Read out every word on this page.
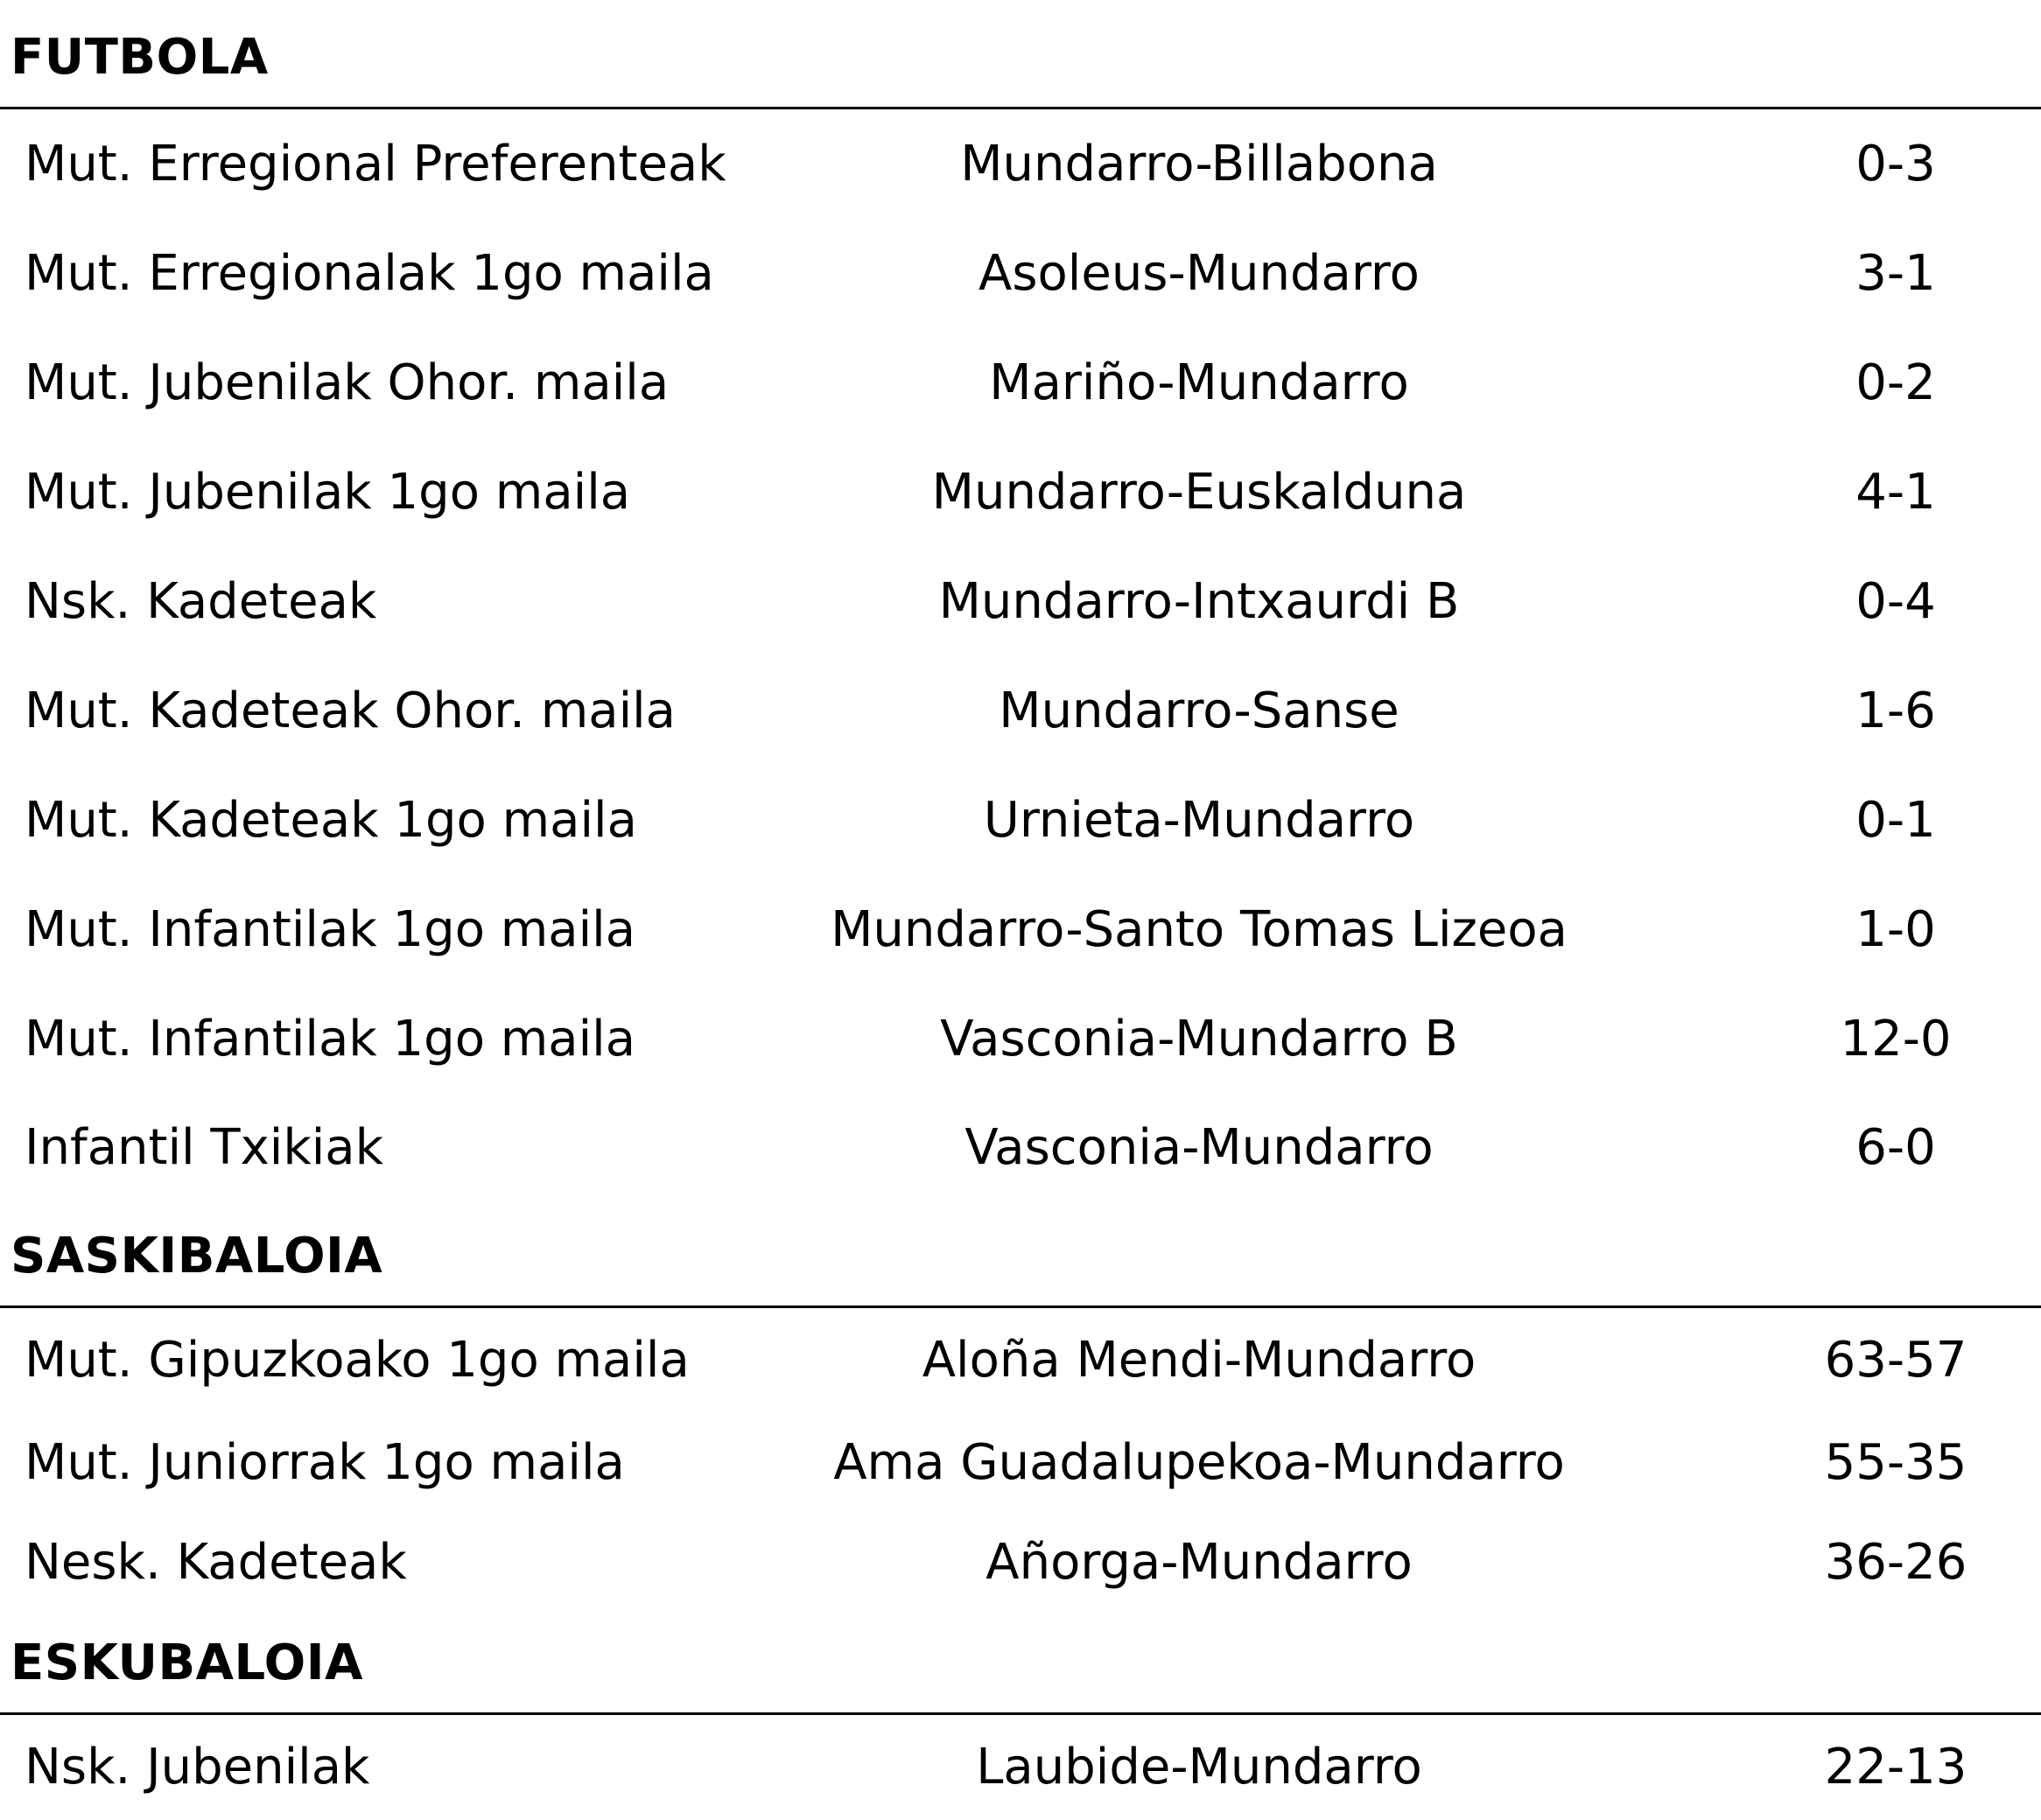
FUTBOLA
Mut. Erregional Preferenteak	Mundarro-Billabona	0-3
Mut. Erregionalak 1go maila	Asoleus-Mundarro	3-1
Mut. Jubenilak Ohor. maila	Mariño-Mundarro	0-2
Mut. Jubenilak 1go maila	Mundarro-Euskalduna	4-1
Nsk. Kadeteak	Mundarro-Intxaurdi B	0-4
Mut. Kadeteak Ohor. maila	Mundarro-Sanse	1-6
Mut. Kadeteak 1go maila	Urnieta-Mundarro	0-1
Mut. Infantilak 1go maila	Mundarro-Santo Tomas Lizeoa	1-0
Mut. Infantilak 1go maila	Vasconia-Mundarro B	12-0
Infantil Txikiak	Vasconia-Mundarro	6-0
SASKIBALOIA
Mut. Gipuzkoako 1go maila	Aloña Mendi-Mundarro	63-57
Mut. Juniorrak 1go maila	Ama Guadalupekoa-Mundarro	55-35
Nesk. Kadeteak	Añorga-Mundarro	36-26
ESKUBALOIA
Nsk. Jubenilak	Laubide-Mundarro	22-13
